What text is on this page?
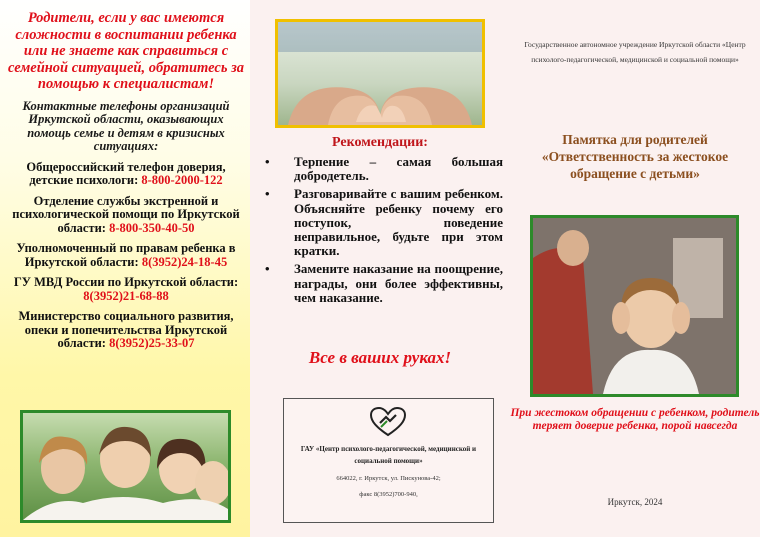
Родители, если у вас имеются сложности в воспитании ребенка или не знаете как справиться с семейной ситуацией, обратитесь за помощью к специалистам!
Контактные телефоны организаций Иркутской области, оказывающих помощь семье и детям в кризисных ситуациях:
Общероссийский телефон доверия, детские психологи: 8-800-2000-122
Отделение службы экстренной и психологической помощи по Иркутской области: 8-800-350-40-50
Уполномоченный по правам ребенка в Иркутской области: 8(3952)24-18-45
ГУ МВД России по Иркутской области: 8(3952)21-68-88
Министерство социального развития, опеки и попечительства Иркутской области: 8(3952)25-33-07
Рекомендации:
• Терпение – самая большая добродетель.
• Разговаривайте с вашим ребенком. Объясняйте ребенку почему его поступок, поведение неправильное, будьте при этом кратки.
• Замените наказание на поощрение, награды, они более эффективны, чем наказание.
Все в ваших руках!
ГАУ «Центр психолого-педагогической, медицинской и социальной помощи»
664022, г. Иркутск, ул. Пискунова-42;
факс 8(3952)700-940,
Государственное автономное учреждение Иркутской области «Центр психолого-педагогической, медицинской и социальной помощи»
Памятка для родителей «Ответственность за жестокое обращение с детьми»
При жестоком обращении с ребенком, родитель теряет доверие ребенка, порой навсегда
Иркутск, 2024
